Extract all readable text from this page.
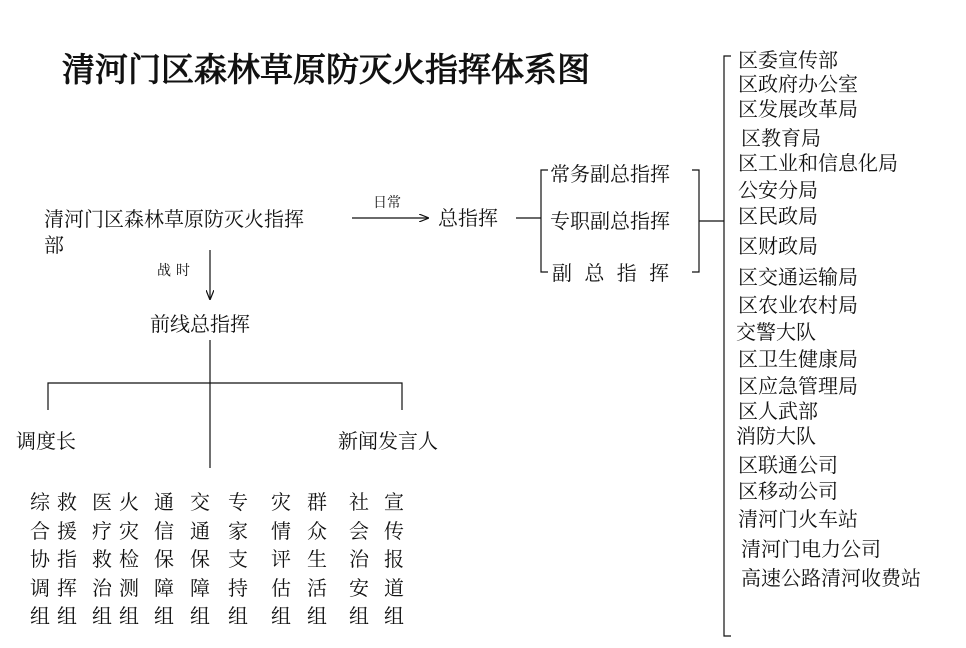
清河门区森林草原防灭火指挥体系图
清河门区森林草原防灭火指挥
部
日常
战时
总指挥
常务副总指挥
专职副总指挥
副 总 指 挥
前线总指挥
调度长	新闻发言人
综
合
协
调
组
救
援
指
挥
组
医
疗
救
治
组
火
灾
检
测
组
通
信
保
障
组
交
通
保
障
组
专
家
支
持
组
灾
情
评
估
组
群
众
生
活
组
社
会
治
安
组
宣
传
报
道
组
区委宣传部
区政府办公室
区发展改革局
区教育局
区工业和信息化局
公安分局
区民政局
区财政局
区交通运输局
区农业农村局
交警大队
区卫生健康局
区应急管理局
区人武部
消防大队
区联通公司
区移动公司
清河门火车站
清河门电力公司
高速公路清河收费站
